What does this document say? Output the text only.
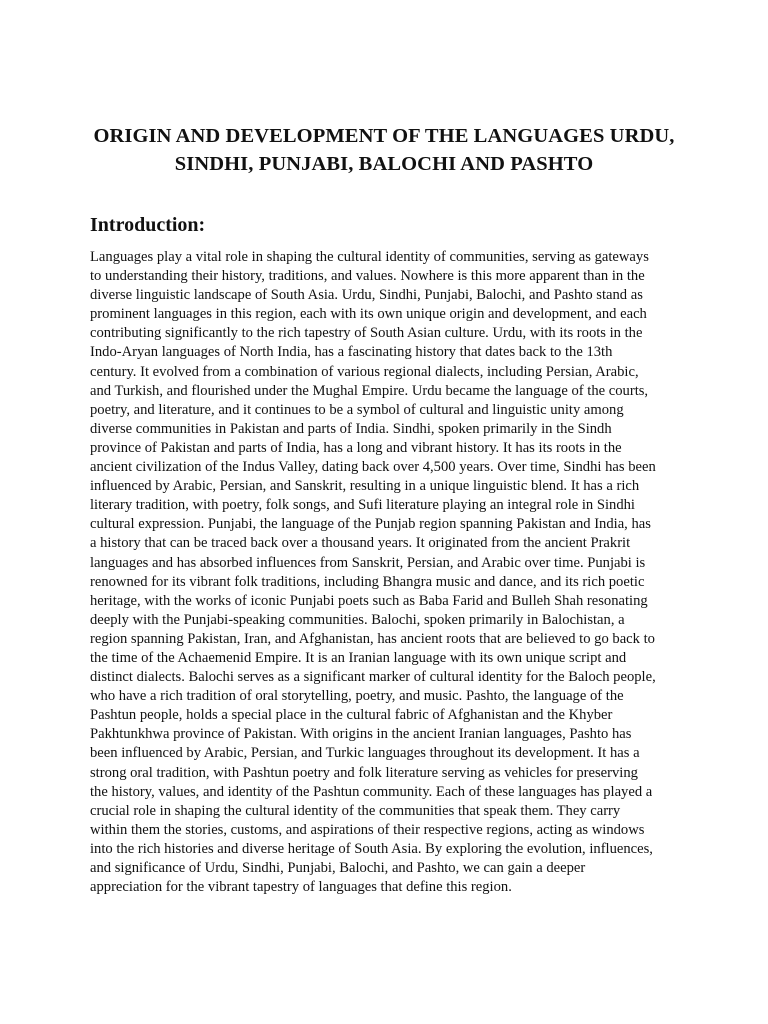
ORIGIN AND DEVELOPMENT OF THE LANGUAGES URDU,
SINDHI, PUNJABI, BALOCHI AND PASHTO
Introduction:
Languages play a vital role in shaping the cultural identity of communities, serving as gateways
to understanding their history, traditions, and values. Nowhere is this more apparent than in the
diverse linguistic landscape of South Asia. Urdu, Sindhi, Punjabi, Balochi, and Pashto stand as
prominent languages in this region, each with its own unique origin and development, and each
contributing significantly to the rich tapestry of South Asian culture. Urdu, with its roots in the
Indo-Aryan languages of North India, has a fascinating history that dates back to the 13th
century. It evolved from a combination of various regional dialects, including Persian, Arabic,
and Turkish, and flourished under the Mughal Empire. Urdu became the language of the courts,
poetry, and literature, and it continues to be a symbol of cultural and linguistic unity among
diverse communities in Pakistan and parts of India. Sindhi, spoken primarily in the Sindh
province of Pakistan and parts of India, has a long and vibrant history. It has its roots in the
ancient civilization of the Indus Valley, dating back over 4,500 years. Over time, Sindhi has been
influenced by Arabic, Persian, and Sanskrit, resulting in a unique linguistic blend. It has a rich
literary tradition, with poetry, folk songs, and Sufi literature playing an integral role in Sindhi
cultural expression. Punjabi, the language of the Punjab region spanning Pakistan and India, has
a history that can be traced back over a thousand years. It originated from the ancient Prakrit
languages and has absorbed influences from Sanskrit, Persian, and Arabic over time. Punjabi is
renowned for its vibrant folk traditions, including Bhangra music and dance, and its rich poetic
heritage, with the works of iconic Punjabi poets such as Baba Farid and Bulleh Shah resonating
deeply with the Punjabi-speaking communities. Balochi, spoken primarily in Balochistan, a
region spanning Pakistan, Iran, and Afghanistan, has ancient roots that are believed to go back to
the time of the Achaemenid Empire. It is an Iranian language with its own unique script and
distinct dialects. Balochi serves as a significant marker of cultural identity for the Baloch people,
who have a rich tradition of oral storytelling, poetry, and music. Pashto, the language of the
Pashtun people, holds a special place in the cultural fabric of Afghanistan and the Khyber
Pakhtunkhwa province of Pakistan. With origins in the ancient Iranian languages, Pashto has
been influenced by Arabic, Persian, and Turkic languages throughout its development. It has a
strong oral tradition, with Pashtun poetry and folk literature serving as vehicles for preserving
the history, values, and identity of the Pashtun community. Each of these languages has played a
crucial role in shaping the cultural identity of the communities that speak them. They carry
within them the stories, customs, and aspirations of their respective regions, acting as windows
into the rich histories and diverse heritage of South Asia. By exploring the evolution, influences,
and significance of Urdu, Sindhi, Punjabi, Balochi, and Pashto, we can gain a deeper
appreciation for the vibrant tapestry of languages that define this region.
